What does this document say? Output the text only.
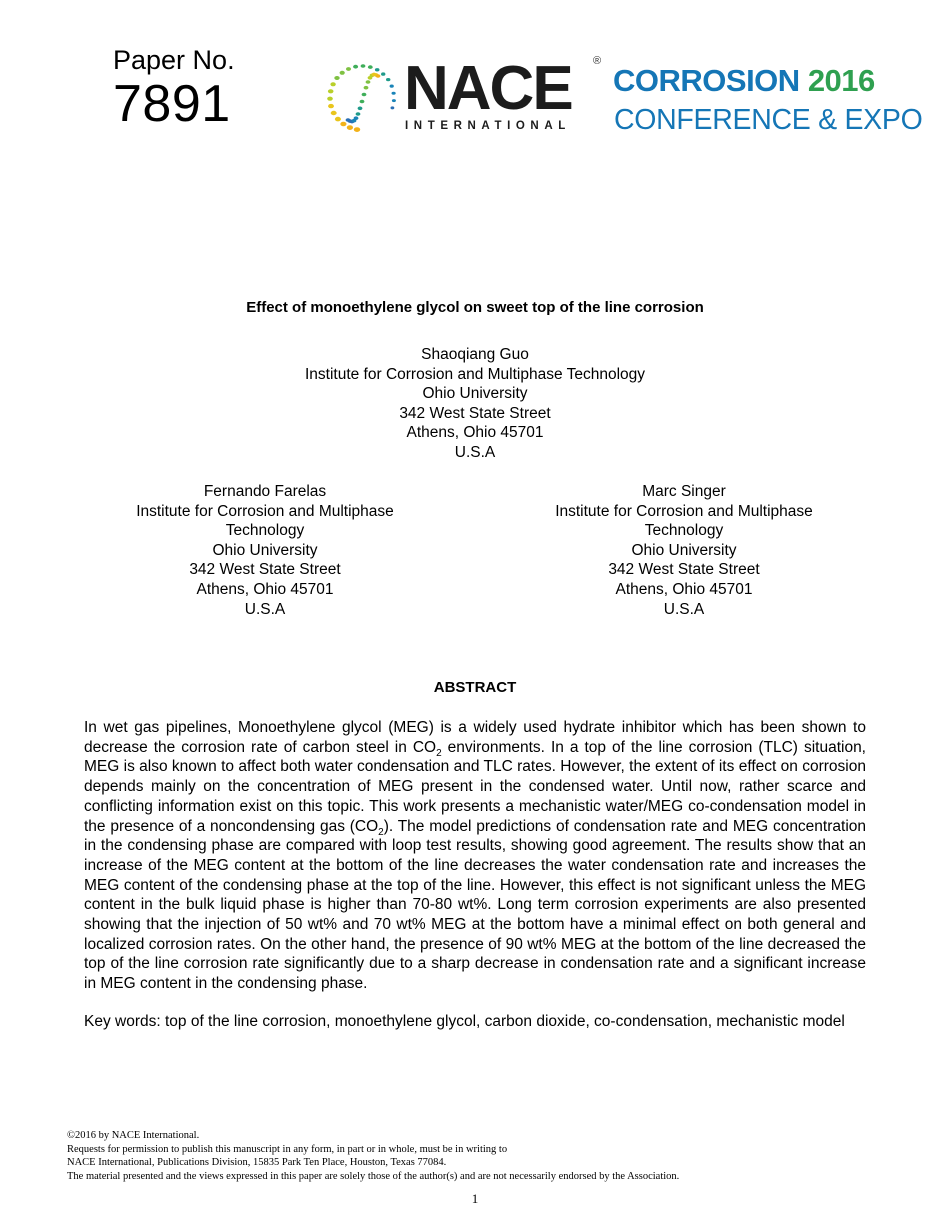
Paper No.
7891	NACE ®
INTERNATIONAL
CORROSION 2016
CONFERENCE & EXPO
Effect of monoethylene glycol on sweet top of the line corrosion
Shaoqiang Guo
Institute for Corrosion and Multiphase Technology
Ohio University
342 West State Street
Athens, Ohio 45701
U.S.A
Fernando Farelas
Institute for Corrosion and Multiphase
Technology
Ohio University
342 West State Street
Athens, Ohio 45701
U.S.A
Marc Singer
Institute for Corrosion and Multiphase
Technology
Ohio University
342 West State Street
Athens, Ohio 45701
U.S.A
ABSTRACT

In wet gas pipelines, Monoethylene glycol (MEG) is a widely used hydrate inhibitor which has been shown to decrease the corrosion rate of carbon steel in $CO_2$ environments. In a top of the line corrosion (TLC) situation, MEG is also known to affect both water condensation and TLC rates. However, the extent of its effect on corrosion depends mainly on the concentration of MEG present in the condensed water. Until now, rather scarce and conflicting information exist on this topic. This work presents a mechanistic water/MEG co-condensation model in the presence of a noncondensing gas $(CO_2)$. The model predictions of condensation rate and MEG concentration in the condensing phase are compared with loop test results, showing good agreement. The results show that an increase of the MEG content at the bottom of the line decreases the water condensation rate and increases the MEG content of the condensing phase at the top of the line. However, this effect is not significant unless the MEG content in the bulk liquid phase is higher than 70-80 wt%. Long term corrosion experiments are also presented showing that the injection of 50 wt% and 70 wt% MEG at the bottom have a minimal effect on both general and localized corrosion rates. On the other hand, the presence of 90 wt% MEG at the bottom of the line decreased the top of the line corrosion rate significantly due to a sharp decrease in condensation rate and a significant increase in MEG content in the condensing phase.

Key words: top of the line corrosion, monoethylene glycol, carbon dioxide, co-condensation, mechanistic model

©2016 by NACE International.
Requests for permission to publish this manuscript in any form, in part or in whole, must be in writing to
NACE International, Publications Division, 15835 Park Ten Place, Houston, Texas 77084.
The material presented and the views expressed in this paper are solely those of the author(s) and are not necessarily endorsed by the Association.
1
